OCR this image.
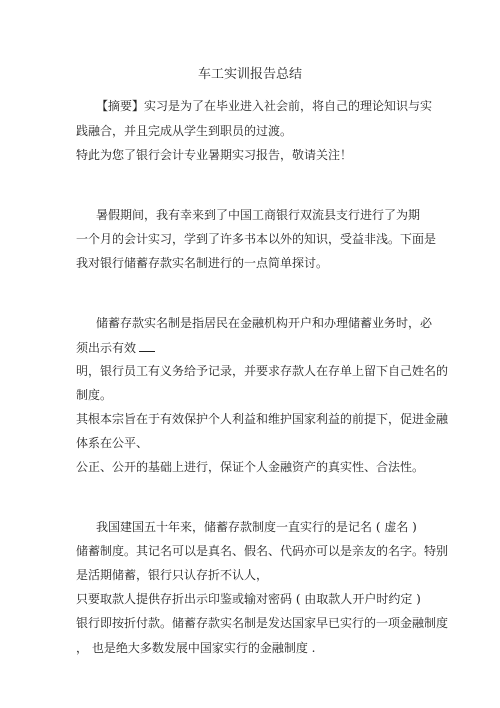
车工实训报告总结
【摘要】实习是为了在毕业进入社会前，将自己的理论知识与实
践融合，并且完成从学生到职员的过渡。
特此为您了银行会计专业暑期实习报告，敬请关注！
暑假期间，我有幸来到了中国工商银行双流县支行进行了为期
一个月的会计实习，学到了许多书本以外的知识，受益非浅。下面是
我对银行储蓄存款实名制进行的一点简单探讨。
储蓄存款实名制是指居民在金融机构开户和办理储蓄业务时，必
须出示有效
明，银行员工有义务给予记录，并要求存款人在存单上留下自己姓名的
制度。
其根本宗旨在于有效保护个人利益和维护国家利益的前提下，促进金融
体系在公平、
公正、公开的基础上进行，保证个人金融资产的真实性、合法性。
我国建国五十年来，储蓄存款制度一直实行的是记名 ( 虚名 )
储蓄制度。其记名可以是真名、假名、代码亦可以是亲友的名字。特别
是活期储蓄，银行只认存折不认人，
只要取款人提供存折出示印鉴或输对密码 ( 由取款人开户时约定 )
银行即按折付款。储蓄存款实名制是发达国家早已实行的一项金融制度
， 也是绝大多数发展中国家实行的金融制度 .
